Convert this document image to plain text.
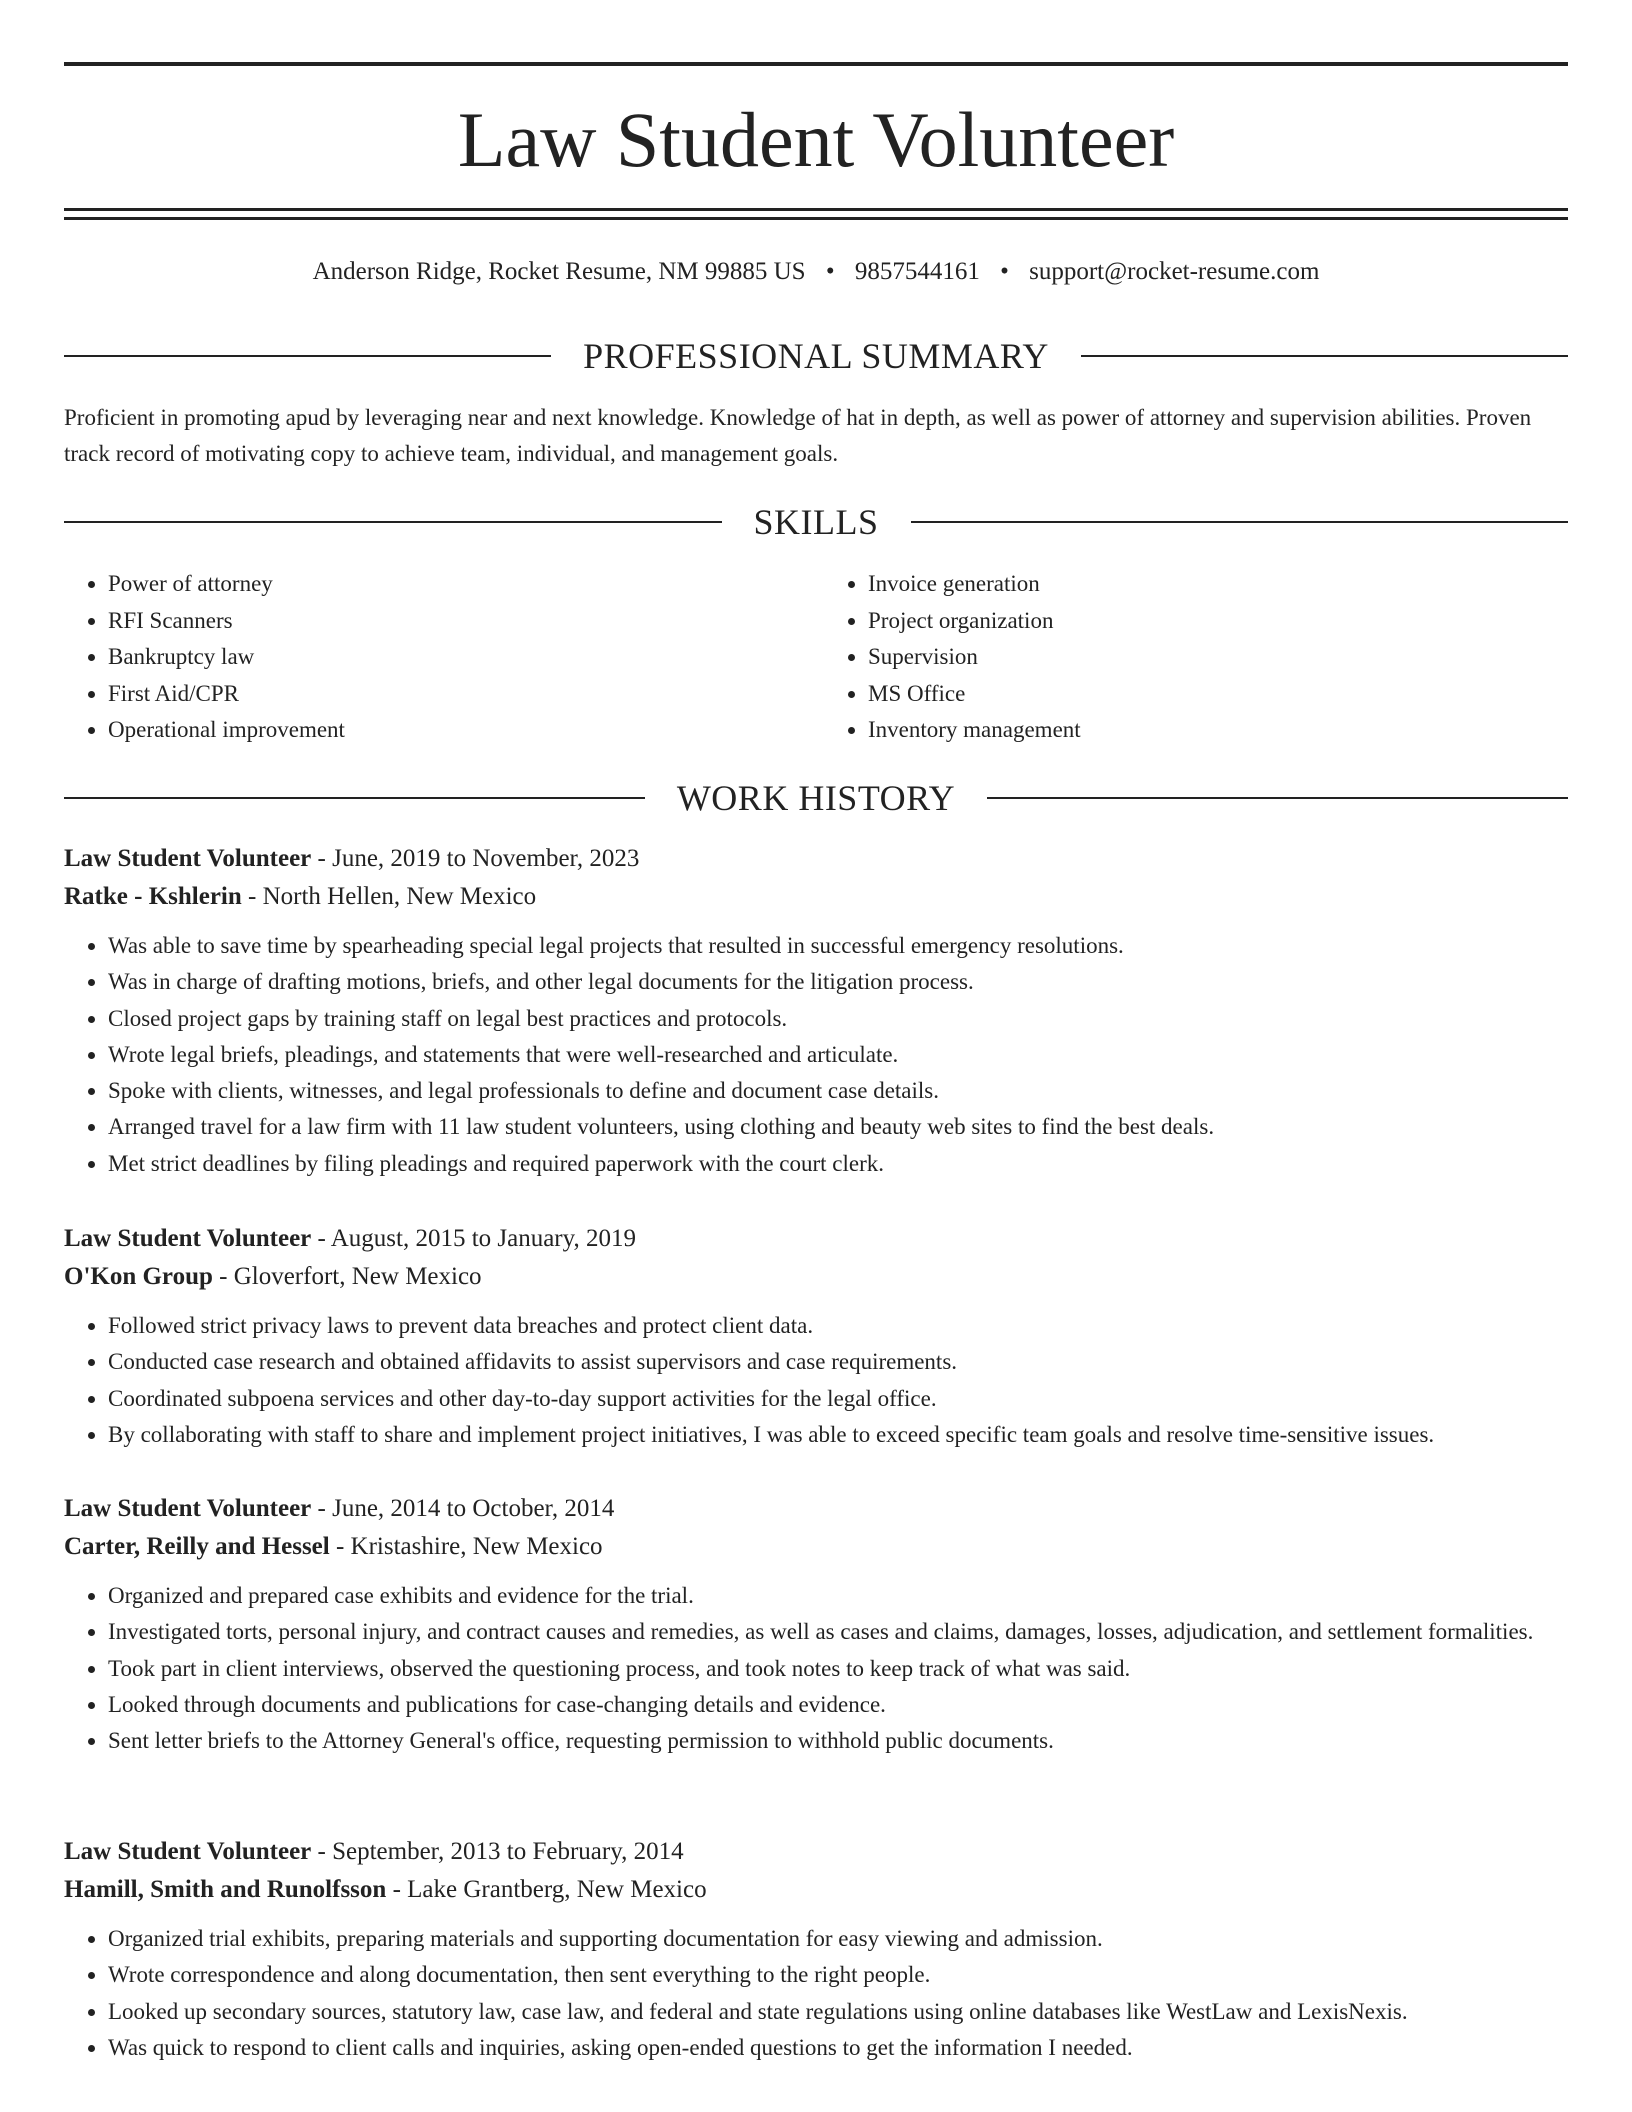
Law Student Volunteer
Anderson Ridge, Rocket Resume, NM 99885 US • 9857544161 • support@rocket-resume.com
PROFESSIONAL SUMMARY

Proficient in promoting apud by leveraging near and next knowledge. Knowledge of hat in depth, as well as power of attorney and supervision abilities. Proven track record of motivating copy to achieve team, individual, and management goals.

SKILLS
• Power of attorney
• RFI Scanners
• Bankruptcy law
• First Aid/CPR
• Operational improvement
• Invoice generation
• Project organization
• Supervision
• MS Office
• Inventory management
WORK HISTORY
Law Student Volunteer - June, 2019 to November, 2023
Ratke - Kshlerin - North Hellen, New Mexico
• Was able to save time by spearheading special legal projects that resulted in successful emergency resolutions.
• Was in charge of drafting motions, briefs, and other legal documents for the litigation process.
• Closed project gaps by training staff on legal best practices and protocols.
• Wrote legal briefs, pleadings, and statements that were well-researched and articulate.
• Spoke with clients, witnesses, and legal professionals to define and document case details.
• Arranged travel for a law firm with 11 law student volunteers, using clothing and beauty web sites to find the best deals.
• Met strict deadlines by filing pleadings and required paperwork with the court clerk.
Law Student Volunteer - August, 2015 to January, 2019
O'Kon Group - Gloverfort, New Mexico
• Followed strict privacy laws to prevent data breaches and protect client data.
• Conducted case research and obtained affidavits to assist supervisors and case requirements.
• Coordinated subpoena services and other day-to-day support activities for the legal office.
• By collaborating with staff to share and implement project initiatives, I was able to exceed specific team goals and resolve time-sensitive issues.
Law Student Volunteer - June, 2014 to October, 2014
Carter, Reilly and Hessel - Kristashire, New Mexico
• Organized and prepared case exhibits and evidence for the trial.
• Investigated torts, personal injury, and contract causes and remedies, as well as cases and claims, damages, losses, adjudication, and settlement formalities.
• Took part in client interviews, observed the questioning process, and took notes to keep track of what was said.
• Looked through documents and publications for case-changing details and evidence.
• Sent letter briefs to the Attorney General's office, requesting permission to withhold public documents.
Law Student Volunteer - September, 2013 to February, 2014
Hamill, Smith and Runolfsson - Lake Grantberg, New Mexico
• Organized trial exhibits, preparing materials and supporting documentation for easy viewing and admission.
• Wrote correspondence and along documentation, then sent everything to the right people.
• Looked up secondary sources, statutory law, case law, and federal and state regulations using online databases like WestLaw and LexisNexis.
• Was quick to respond to client calls and inquiries, asking open-ended questions to get the information I needed.
